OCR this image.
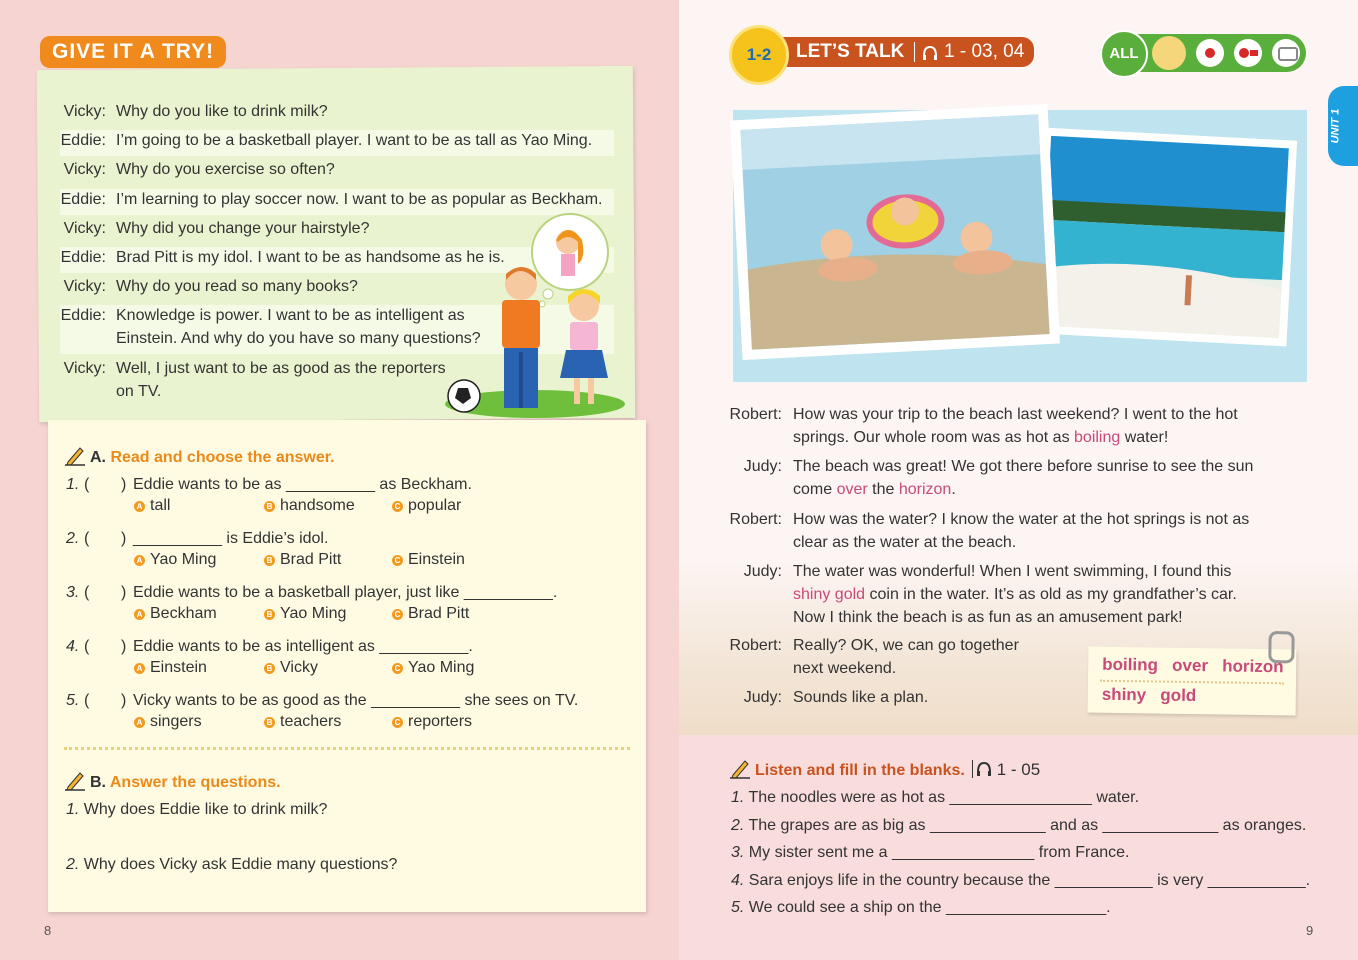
GIVE IT A TRY!
Vicky: Why do you like to drink milk?
Eddie: I’m going to be a basketball player. I want to be as tall as Yao Ming.
Vicky: Why do you exercise so often?
Eddie: I’m learning to play soccer now. I want to be as popular as Beckham.
Vicky: Why did you change your hairstyle?
Eddie: Brad Pitt is my idol. I want to be as handsome as he is.
Vicky: Why do you read so many books?
Eddie: Knowledge is power. I want to be as intelligent as
Einstein. And why do you have so many questions?
Vicky: Well, I just want to be as good as the reporters
on TV.
A. Read and choose the answer.
1. ( ) Eddie wants to be as __________ as Beckham.
A tall	B handsome	C popular
2. ( ) __________ is Eddie’s idol.
A Yao Ming	B Brad Pitt	C Einstein
3. ( ) Eddie wants to be a basketball player, just like __________.
A Beckham	B Yao Ming	C Brad Pitt
4. ( ) Eddie wants to be as intelligent as __________.
A Einstein	B Vicky	C Yao Ming
5. ( ) Vicky wants to be as good as the __________ she sees on TV.
A singers	B teachers	C reporters
B. Answer the questions.
1. Why does Eddie like to drink milk?
2. Why does Vicky ask Eddie many questions?
8
LET’S TALK 1 - 03, 04
1-2	ALL
UNIT 1
Robert: How was your trip to the beach last weekend? I went to the hot
springs. Our whole room was as hot as boiling water!
Judy: The beach was great! We got there before sunrise to see the sun
come over the horizon.
Robert: How was the water? I know the water at the hot springs is not as
clear as the water at the beach.
Judy: The water was wonderful! When I went swimming, I found this
shiny gold coin in the water. It’s as old as my grandfather’s car.
Now I think the beach is as fun as an amusement park!
Robert: Really? OK, we can go together
next weekend.
Judy: Sounds like a plan.
boiling over horizon
shiny gold
Listen and fill in the blanks. 1 - 05
1. The noodles were as hot as ________________ water.
2. The grapes are as big as _____________ and as _____________ as oranges.
3. My sister sent me a ________________ from France.
4. Sara enjoys life in the country because the ___________ is very ___________.
5. We could see a ship on the __________________.
9
